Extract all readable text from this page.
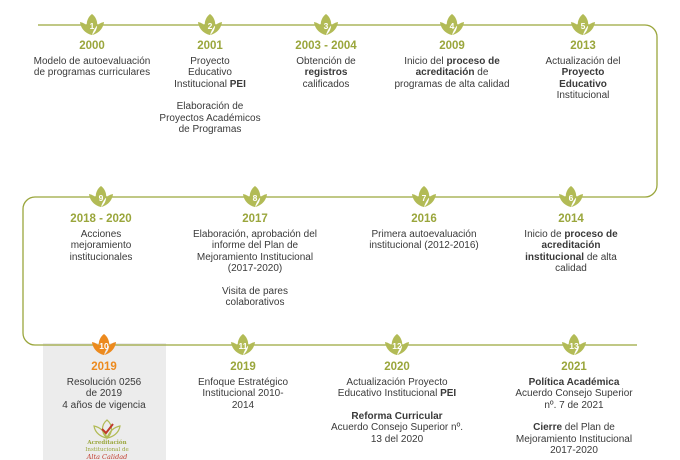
1
2000
Modelo de autoevaluación de programas curriculares
2
2001
Proyecto Educativo Institucional PEI
Elaboración de Proyectos Académicos de Programas
3
2003 - 2004
Obtención de registros calificados
4
2009
Inicio del proceso de acreditación de programas de alta calidad
5
2013
Actualización del Proyecto Educativo Institucional
9
2018 - 2020
Acciones mejoramiento institucionales
8
2017
Elaboración, aprobación del informe del Plan de Mejoramiento Institucional (2017-2020)
Visita de pares colaborativos
7
2016
Primera autoevaluación institucional (2012-2016)
6
2014
Inicio de proceso de acreditación institucional de alta calidad
10
2019
Resolución 0256 de 2019
4 años de vigencia
11
2019
Enfoque Estratégico Institucional 2010-2014
12
2020
Actualización Proyecto Educativo Institucional PEI
Reforma Curricular
Acuerdo Consejo Superior nº. 13 del 2020
13
2021
Política Académica Acuerdo Consejo Superior nº. 7 de 2021
Cierre del Plan de Mejoramiento Institucional 2017-2020
Acreditación
Institucional de
Alta Calidad
